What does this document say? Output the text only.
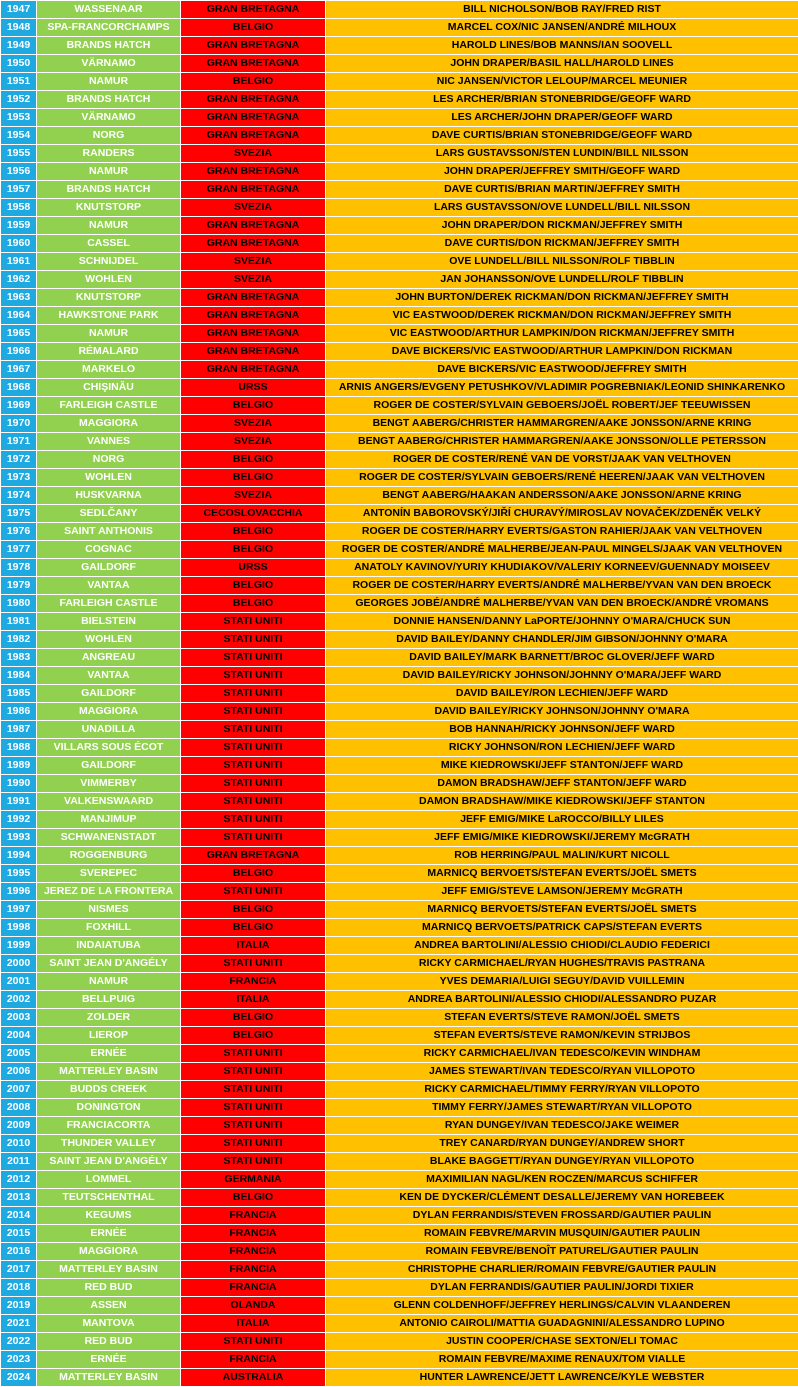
1947	WASSENAAR	GRAN BRETAGNA	BILL NICHOLSON/BOB RAY/FRED RIST
1948	SPA-FRANCORCHAMPS	BELGIO	MARCEL COX/NIC JANSEN/ANDRÉ MILHOUX
1949	BRANDS HATCH	GRAN BRETAGNA	HAROLD LINES/BOB MANNS/IAN SOOVELL
1950	VÄRNAMO	GRAN BRETAGNA	JOHN DRAPER/BASIL HALL/HAROLD LINES
1951	NAMUR	BELGIO	NIC JANSEN/VICTOR LELOUP/MARCEL MEUNIER
1952	BRANDS HATCH	GRAN BRETAGNA	LES ARCHER/BRIAN STONEBRIDGE/GEOFF WARD
1953	VÄRNAMO	GRAN BRETAGNA	LES ARCHER/JOHN DRAPER/GEOFF WARD
1954	NORG	GRAN BRETAGNA	DAVE CURTIS/BRIAN STONEBRIDGE/GEOFF WARD
1955	RANDERS	SVEZIA	LARS GUSTAVSSON/STEN LUNDIN/BILL NILSSON
1956	NAMUR	GRAN BRETAGNA	JOHN DRAPER/JEFFREY SMITH/GEOFF WARD
1957	BRANDS HATCH	GRAN BRETAGNA	DAVE CURTIS/BRIAN MARTIN/JEFFREY SMITH
1958	KNUTSTORP	SVEZIA	LARS GUSTAVSSON/OVE LUNDELL/BILL NILSSON
1959	NAMUR	GRAN BRETAGNA	JOHN DRAPER/DON RICKMAN/JEFFREY SMITH
1960	CASSEL	GRAN BRETAGNA	DAVE CURTIS/DON RICKMAN/JEFFREY SMITH
1961	SCHNIJDEL	SVEZIA	OVE LUNDELL/BILL NILSSON/ROLF TIBBLIN
1962	WOHLEN	SVEZIA	JAN JOHANSSON/OVE LUNDELL/ROLF TIBBLIN
1963	KNUTSTORP	GRAN BRETAGNA	JOHN BURTON/DEREK RICKMAN/DON RICKMAN/JEFFREY SMITH
1964	HAWKSTONE PARK	GRAN BRETAGNA	VIC EASTWOOD/DEREK RICKMAN/DON RICKMAN/JEFFREY SMITH
1965	NAMUR	GRAN BRETAGNA	VIC EASTWOOD/ARTHUR LAMPKIN/DON RICKMAN/JEFFREY SMITH
1966	RÉMALARD	GRAN BRETAGNA	DAVE BICKERS/VIC EASTWOOD/ARTHUR LAMPKIN/DON RICKMAN
1967	MARKELO	GRAN BRETAGNA	DAVE BICKERS/VIC EASTWOOD/JEFFREY SMITH
1968	CHIŞINĂU	URSS	ARNIS ANGERS/EVGENY PETUSHKOV/VLADIMIR POGREBNIAK/LEONID SHINKARENKO
1969	FARLEIGH CASTLE	BELGIO	ROGER DE COSTER/SYLVAIN GEBOERS/JOËL ROBERT/JEF TEEUWISSEN
1970	MAGGIORA	SVEZIA	BENGT AABERG/CHRISTER HAMMARGREN/AAKE JONSSON/ARNE KRING
1971	VANNES	SVEZIA	BENGT AABERG/CHRISTER HAMMARGREN/AAKE JONSSON/OLLE PETERSSON
1972	NORG	BELGIO	ROGER DE COSTER/RENÉ VAN DE VORST/JAAK VAN VELTHOVEN
1973	WOHLEN	BELGIO	ROGER DE COSTER/SYLVAIN GEBOERS/RENÉ HEEREN/JAAK VAN VELTHOVEN
1974	HUSKVARNA	SVEZIA	BENGT AABERG/HAAKAN ANDERSSON/AAKE JONSSON/ARNE KRING
1975	SEDLČANY	CECOSLOVACCHIA	ANTONÍN BABOROVSKÝ/JIŘÍ CHURAVÝ/MIROSLAV NOVAČEK/ZDENĚK VELKÝ
1976	SAINT ANTHONIS	BELGIO	ROGER DE COSTER/HARRY EVERTS/GASTON RAHIER/JAAK VAN VELTHOVEN
1977	COGNAC	BELGIO	ROGER DE COSTER/ANDRÉ MALHERBE/JEAN-PAUL MINGELS/JAAK VAN VELTHOVEN
1978	GAILDORF	URSS	ANATOLY KAVINOV/YURIY KHUDIAKOV/VALERIY KORNEEV/GUENNADY MOISEEV
1979	VANTAA	BELGIO	ROGER DE COSTER/HARRY EVERTS/ANDRÉ MALHERBE/YVAN VAN DEN BROECK
1980	FARLEIGH CASTLE	BELGIO	GEORGES JOBÉ/ANDRÉ MALHERBE/YVAN VAN DEN BROECK/ANDRÉ VROMANS
1981	BIELSTEIN	STATI UNITI	DONNIE HANSEN/DANNY LaPORTE/JOHNNY O'MARA/CHUCK SUN
1982	WOHLEN	STATI UNITI	DAVID BAILEY/DANNY CHANDLER/JIM GIBSON/JOHNNY O'MARA
1983	ANGREAU	STATI UNITI	DAVID BAILEY/MARK BARNETT/BROC GLOVER/JEFF WARD
1984	VANTAA	STATI UNITI	DAVID BAILEY/RICKY JOHNSON/JOHNNY O'MARA/JEFF WARD
1985	GAILDORF	STATI UNITI	DAVID BAILEY/RON LECHIEN/JEFF WARD
1986	MAGGIORA	STATI UNITI	DAVID BAILEY/RICKY JOHNSON/JOHNNY O'MARA
1987	UNADILLA	STATI UNITI	BOB HANNAH/RICKY JOHNSON/JEFF WARD
1988	VILLARS SOUS ÉCOT	STATI UNITI	RICKY JOHNSON/RON LECHIEN/JEFF WARD
1989	GAILDORF	STATI UNITI	MIKE KIEDROWSKI/JEFF STANTON/JEFF WARD
1990	VIMMERBY	STATI UNITI	DAMON BRADSHAW/JEFF STANTON/JEFF WARD
1991	VALKENSWAARD	STATI UNITI	DAMON BRADSHAW/MIKE KIEDROWSKI/JEFF STANTON
1992	MANJIMUP	STATI UNITI	JEFF EMIG/MIKE LaROCCO/BILLY LILES
1993	SCHWANENSTADT	STATI UNITI	JEFF EMIG/MIKE KIEDROWSKI/JEREMY McGRATH
1994	ROGGENBURG	GRAN BRETAGNA	ROB HERRING/PAUL MALIN/KURT NICOLL
1995	SVEREPEC	BELGIO	MARNICQ BERVOETS/STEFAN EVERTS/JOËL SMETS
1996	JEREZ DE LA FRONTERA	STATI UNITI	JEFF EMIG/STEVE LAMSON/JEREMY McGRATH
1997	NISMES	BELGIO	MARNICQ BERVOETS/STEFAN EVERTS/JOËL SMETS
1998	FOXHILL	BELGIO	MARNICQ BERVOETS/PATRICK CAPS/STEFAN EVERTS
1999	INDAIATUBA	ITALIA	ANDREA BARTOLINI/ALESSIO CHIODI/CLAUDIO FEDERICI
2000	SAINT JEAN D'ANGÉLY	STATI UNITI	RICKY CARMICHAEL/RYAN HUGHES/TRAVIS PASTRANA
2001	NAMUR	FRANCIA	YVES DEMARIA/LUIGI SEGUY/DAVID VUILLEMIN
2002	BELLPUIG	ITALIA	ANDREA BARTOLINI/ALESSIO CHIODI/ALESSANDRO PUZAR
2003	ZOLDER	BELGIO	STEFAN EVERTS/STEVE RAMON/JOËL SMETS
2004	LIEROP	BELGIO	STEFAN EVERTS/STEVE RAMON/KEVIN STRIJBOS
2005	ERNÉE	STATI UNITI	RICKY CARMICHAEL/IVAN TEDESCO/KEVIN WINDHAM
2006	MATTERLEY BASIN	STATI UNITI	JAMES STEWART/IVAN TEDESCO/RYAN VILLOPOTO
2007	BUDDS CREEK	STATI UNITI	RICKY CARMICHAEL/TIMMY FERRY/RYAN VILLOPOTO
2008	DONINGTON	STATI UNITI	TIMMY FERRY/JAMES STEWART/RYAN VILLOPOTO
2009	FRANCIACORTA	STATI UNITI	RYAN DUNGEY/IVAN TEDESCO/JAKE WEIMER
2010	THUNDER VALLEY	STATI UNITI	TREY CANARD/RYAN DUNGEY/ANDREW SHORT
2011	SAINT JEAN D'ANGÉLY	STATI UNITI	BLAKE BAGGETT/RYAN DUNGEY/RYAN VILLOPOTO
2012	LOMMEL	GERMANIA	MAXIMILIAN NAGL/KEN ROCZEN/MARCUS SCHIFFER
2013	TEUTSCHENTHAL	BELGIO	KEN DE DYCKER/CLÉMENT DESALLE/JEREMY VAN HOREBEEK
2014	KEGUMS	FRANCIA	DYLAN FERRANDIS/STEVEN FROSSARD/GAUTIER PAULIN
2015	ERNÉE	FRANCIA	ROMAIN FEBVRE/MARVIN MUSQUIN/GAUTIER PAULIN
2016	MAGGIORA	FRANCIA	ROMAIN FEBVRE/BENOÎT PATUREL/GAUTIER PAULIN
2017	MATTERLEY BASIN	FRANCIA	CHRISTOPHE CHARLIER/ROMAIN FEBVRE/GAUTIER PAULIN
2018	RED BUD	FRANCIA	DYLAN FERRANDIS/GAUTIER PAULIN/JORDI TIXIER
2019	ASSEN	OLANDA	GLENN COLDENHOFF/JEFFREY HERLINGS/CALVIN VLAANDEREN
2021	MANTOVA	ITALIA	ANTONIO CAIROLI/MATTIA GUADAGNINI/ALESSANDRO LUPINO
2022	RED BUD	STATI UNITI	JUSTIN COOPER/CHASE SEXTON/ELI TOMAC
2023	ERNÉE	FRANCIA	ROMAIN FEBVRE/MAXIME RENAUX/TOM VIALLE
2024	MATTERLEY BASIN	AUSTRALIA	HUNTER LAWRENCE/JETT LAWRENCE/KYLE WEBSTER
